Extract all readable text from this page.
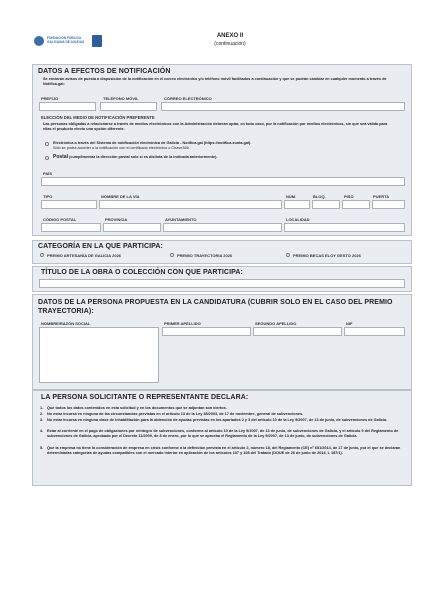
FUNDACIÓN PÚBLICA
GALICIANA DE AXUDAS
ANEXO II
(continuación)
DATOS A EFECTOS DE NOTIFICACIÓN
Se enviarán avisos de puesta a disposición de la notificación en el correo electrónico y/o teléfono móvil facilitados a continuación y que se podrán cambiar en cualquier momento a través de Notifica.gal:
PREFIJO	TELÉFONO MÓVIL	CORREO ELECTRÓNICO
ELECCIÓN DEL MEDIO DE NOTIFICACIÓN PREFERENTE
Las personas obligadas a relacionarse a través de medios electrónicos con la Administración deberán optar, en todo caso, por la notificación por medios electrónicos, sin que sea válida para ellas el producto electo una opción diferente.
Electrónica a través del Sistema de notificación electrónica de Galicia - Notifica.gal (https://notifica.xunta.gal).
Sólo se podrá acceder a la notificación con el certificado electrónico o Chave365.
Postal (cumplimentar la dirección postal solo si es distinta de la indicada anteriormente).
PAÍS
TIPO	NOMBRE DE LA VÍA	NÚM.	BLOQ.	PISO	PUERTA
CÓDIGO POSTAL	PROVINCIA	AYUNTAMIENTO	LOCALIDAD
CATEGORÍA EN LA QUE PARTICIPA:
PREMIO ARTESANÍA DE GALICIA 2026	PREMIO TRAYECTORIA 2026	PREMIO BECAS ELOY GESTO 2026
TÍTULO DE LA OBRA O COLECCIÓN CON QUE PARTICIPA:
DATOS DE LA PERSONA PROPUESTA EN LA CANDIDATURA (CUBRIR SOLO EN EL CASO DEL PREMIO TRAYECTORIA):
NOMBRE/RAZÓN SOCIAL	PRIMER APELLIDO	SEGUNDO APELLIDO	NIF
LA PERSONA SOLICITANTE O REPRESENTANTE DECLARA:
1. Que todos los datos contenidos en esta solicitud y en los documentos que se adjuntan son ciertos.
2. No estar incursa en ninguna de las circunstancias previstas en el artículo 13 de la Ley 38/2003, de 17 de noviembre, general de subvenciones.
3. No estar incursa en ninguna clase de inhabilitación para la obtención de ayudas previstas en los apartados 2 y 3 del artículo 10 de la Ley 9/2007, de 13 de junio, de subvenciones de Galicia.
4. Estar al corriente en el pago de obligaciones por reintegro de subvenciones, conforme al artículo 10 de la Ley 9/2007, de 13 de junio, de subvenciones de Galicia, y el artículo 9 del Reglamento de subvenciones de Galicia, aprobado por el Decreto 11/2009, de 8 de enero, por lo que se aprueba el Reglamento de la Ley 9/2007, de 13 de junio, de subvenciones de Galicia.
5. Que la empresa no tiene la consideración de empresa en crisis conforme a la definición prevista en el artículo 2, número 18, del Reglamento (CE) nº 651/2014, de 17 de junio, por el que se declaran determinadas categorías de ayudas compatibles con el mercado interior en aplicación de los artículos 107 y 108 del Tratado (DOUE de 26 de junio de 2014, L 187/1).
